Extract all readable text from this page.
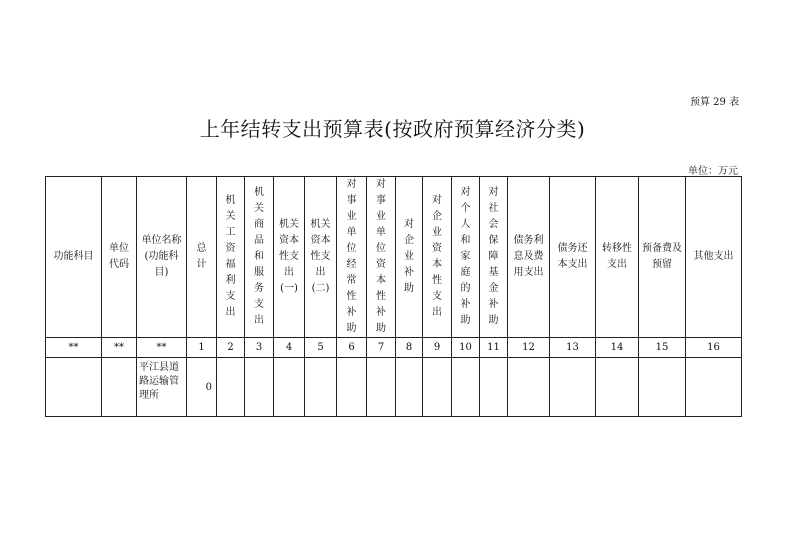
预算 29 表
上年结转支出预算表(按政府预算经济分类)
单位：万元
功能科目	单位代码	单位名称(功能科目)	总计	机关工资福利支出	机关商品和服务支出	机关资本性支出(一)	机关资本性支出(二)	对事业单位经常性补助	对事业单位资本性补助	对企业补助	对企业资本性支出	对个人和家庭的补助	对社会保障基金补助	债务利息及费用支出	债务还本支出	转移性支出	预备费及预留	其他支出

**	**	**	1	2	3	4	5	6	7	8	9	10	11	12	13	14	15	16
		平江县道路运输管理所	0															
